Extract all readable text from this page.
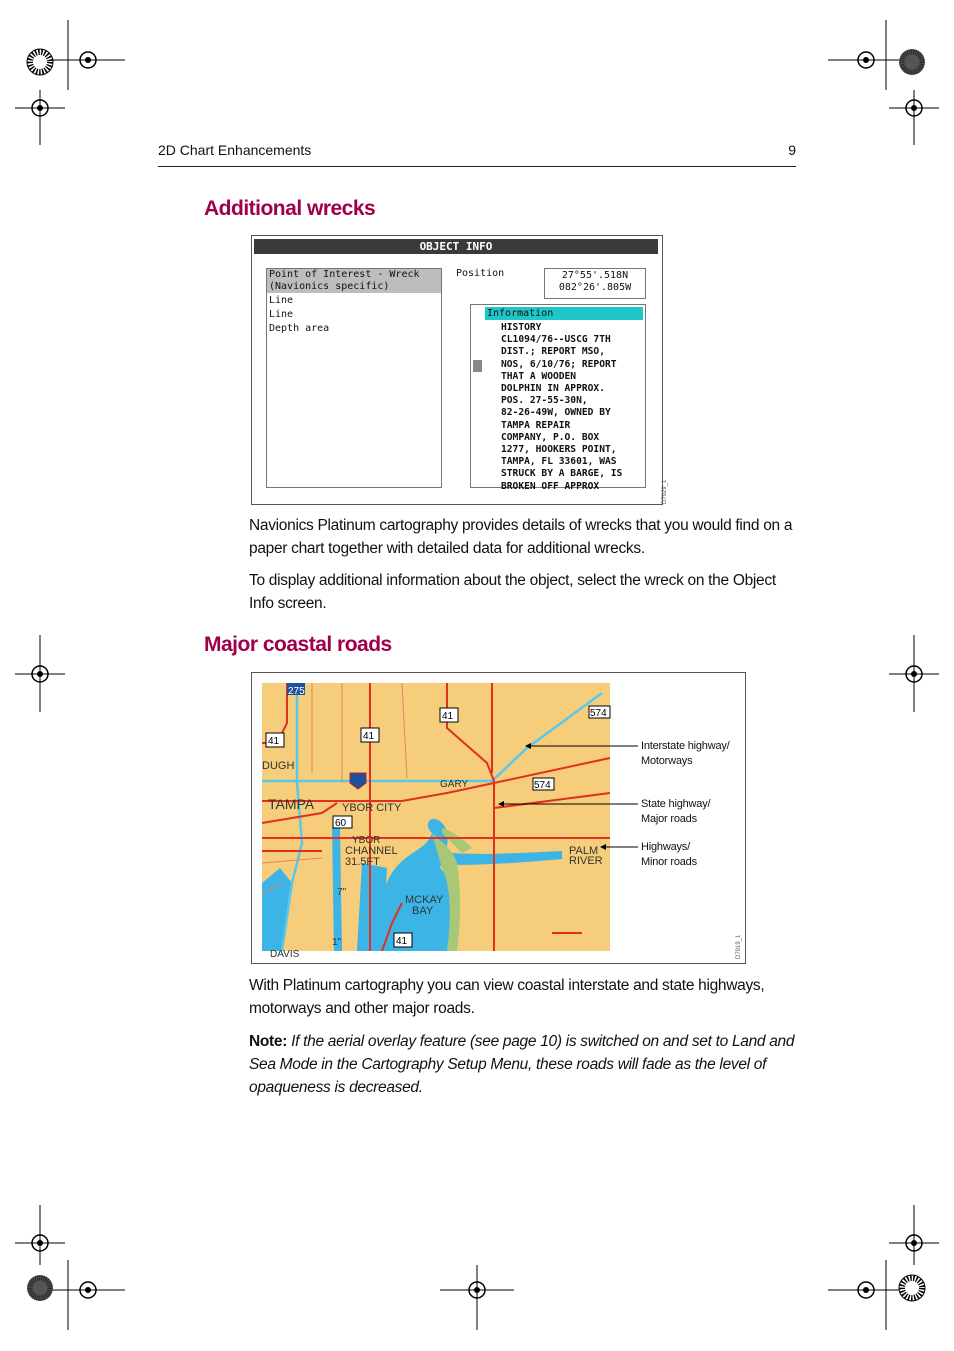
2D Chart Enhancements	9
Additional wrecks
OBJECT INFO
Point of Interest - Wreck
(Navionics specific)
Line
Line
Depth area
Position	27°55'.518N
082°26'.805W
Information
HISTORY
CL1094/76--USCG 7TH
DIST.; REPORT MSO,
NOS, 6/10/76; REPORT
THAT A WOODEN
DOLPHIN IN APPROX.
POS. 27-55-30N,
82-26-49W, OWNED BY
TAMPA REPAIR
COMPANY, P.O. BOX
1277, HOOKERS POINT,
TAMPA, FL 33601, WAS
STRUCK BY A BARGE, IS
BROKEN OFF APPROX	D7929_1

Navionics Platinum cartography provides details of wrecks that you would find on a paper chart together with detailed data for additional wrecks.

To display additional information about the object, select the wreck on the Object Info screen.

Major coastal roads
275
41	41
41	574
574
60
41
DUGH
TAMPA
GARY
YBOR CITY
YBOR
CHANNEL
31.5FT
PALM
RIVER
MCKAY
BAY
7"
1"
DAVIS
Interstate highway/
Motorways
State highway/
Major roads
Highways/
Minor roads
D7919_1

With Platinum cartography you can view coastal interstate and state highways, motorways and other major roads.

Note: If the aerial overlay feature (see page 10) is switched on and set to Land and Sea Mode in the Cartography Setup Menu, these roads will fade as the level of opaqueness is decreased.
